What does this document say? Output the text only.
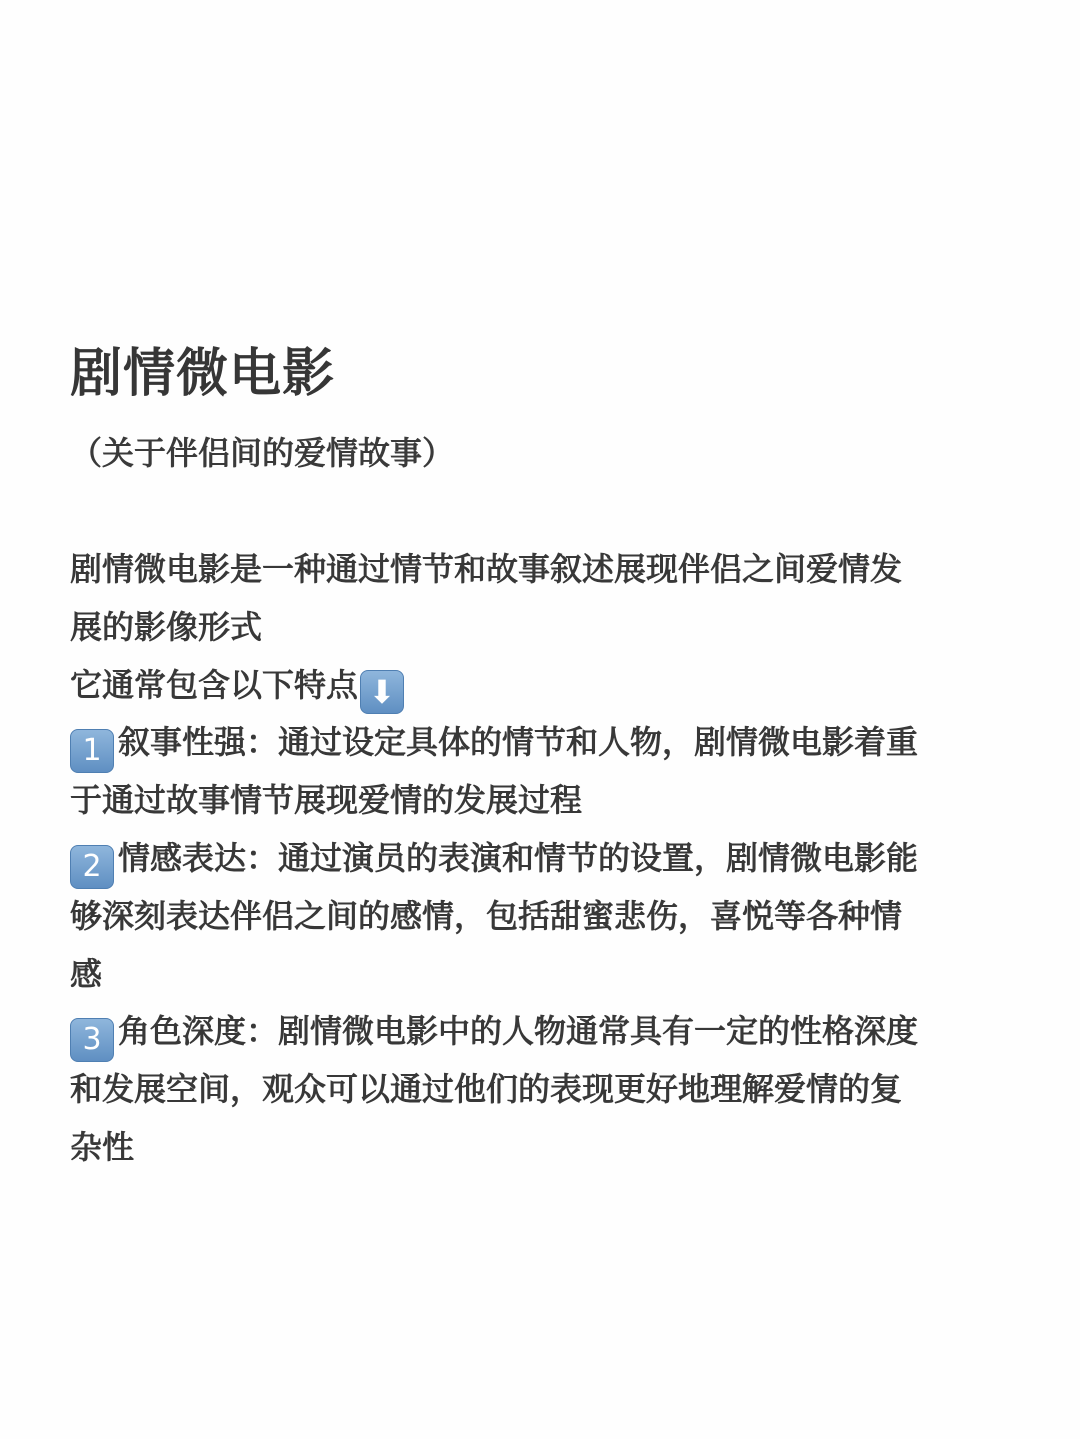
剧情微电影
（关于伴侣间的爱情故事）
剧情微电影是一种通过情节和故事叙述展现伴侣之间爱情发
展的影像形式
它通常包含以下特点 ⬇
1 叙事性强：通过设定具体的情节和人物，剧情微电影着重
于通过故事情节展现爱情的发展过程
2 情感表达：通过演员的表演和情节的设置，剧情微电影能
够深刻表达伴侣之间的感情，包括甜蜜悲伤，喜悦等各种情
感
3 角色深度：剧情微电影中的人物通常具有一定的性格深度
和发展空间，观众可以通过他们的表现更好地理解爱情的复
杂性
